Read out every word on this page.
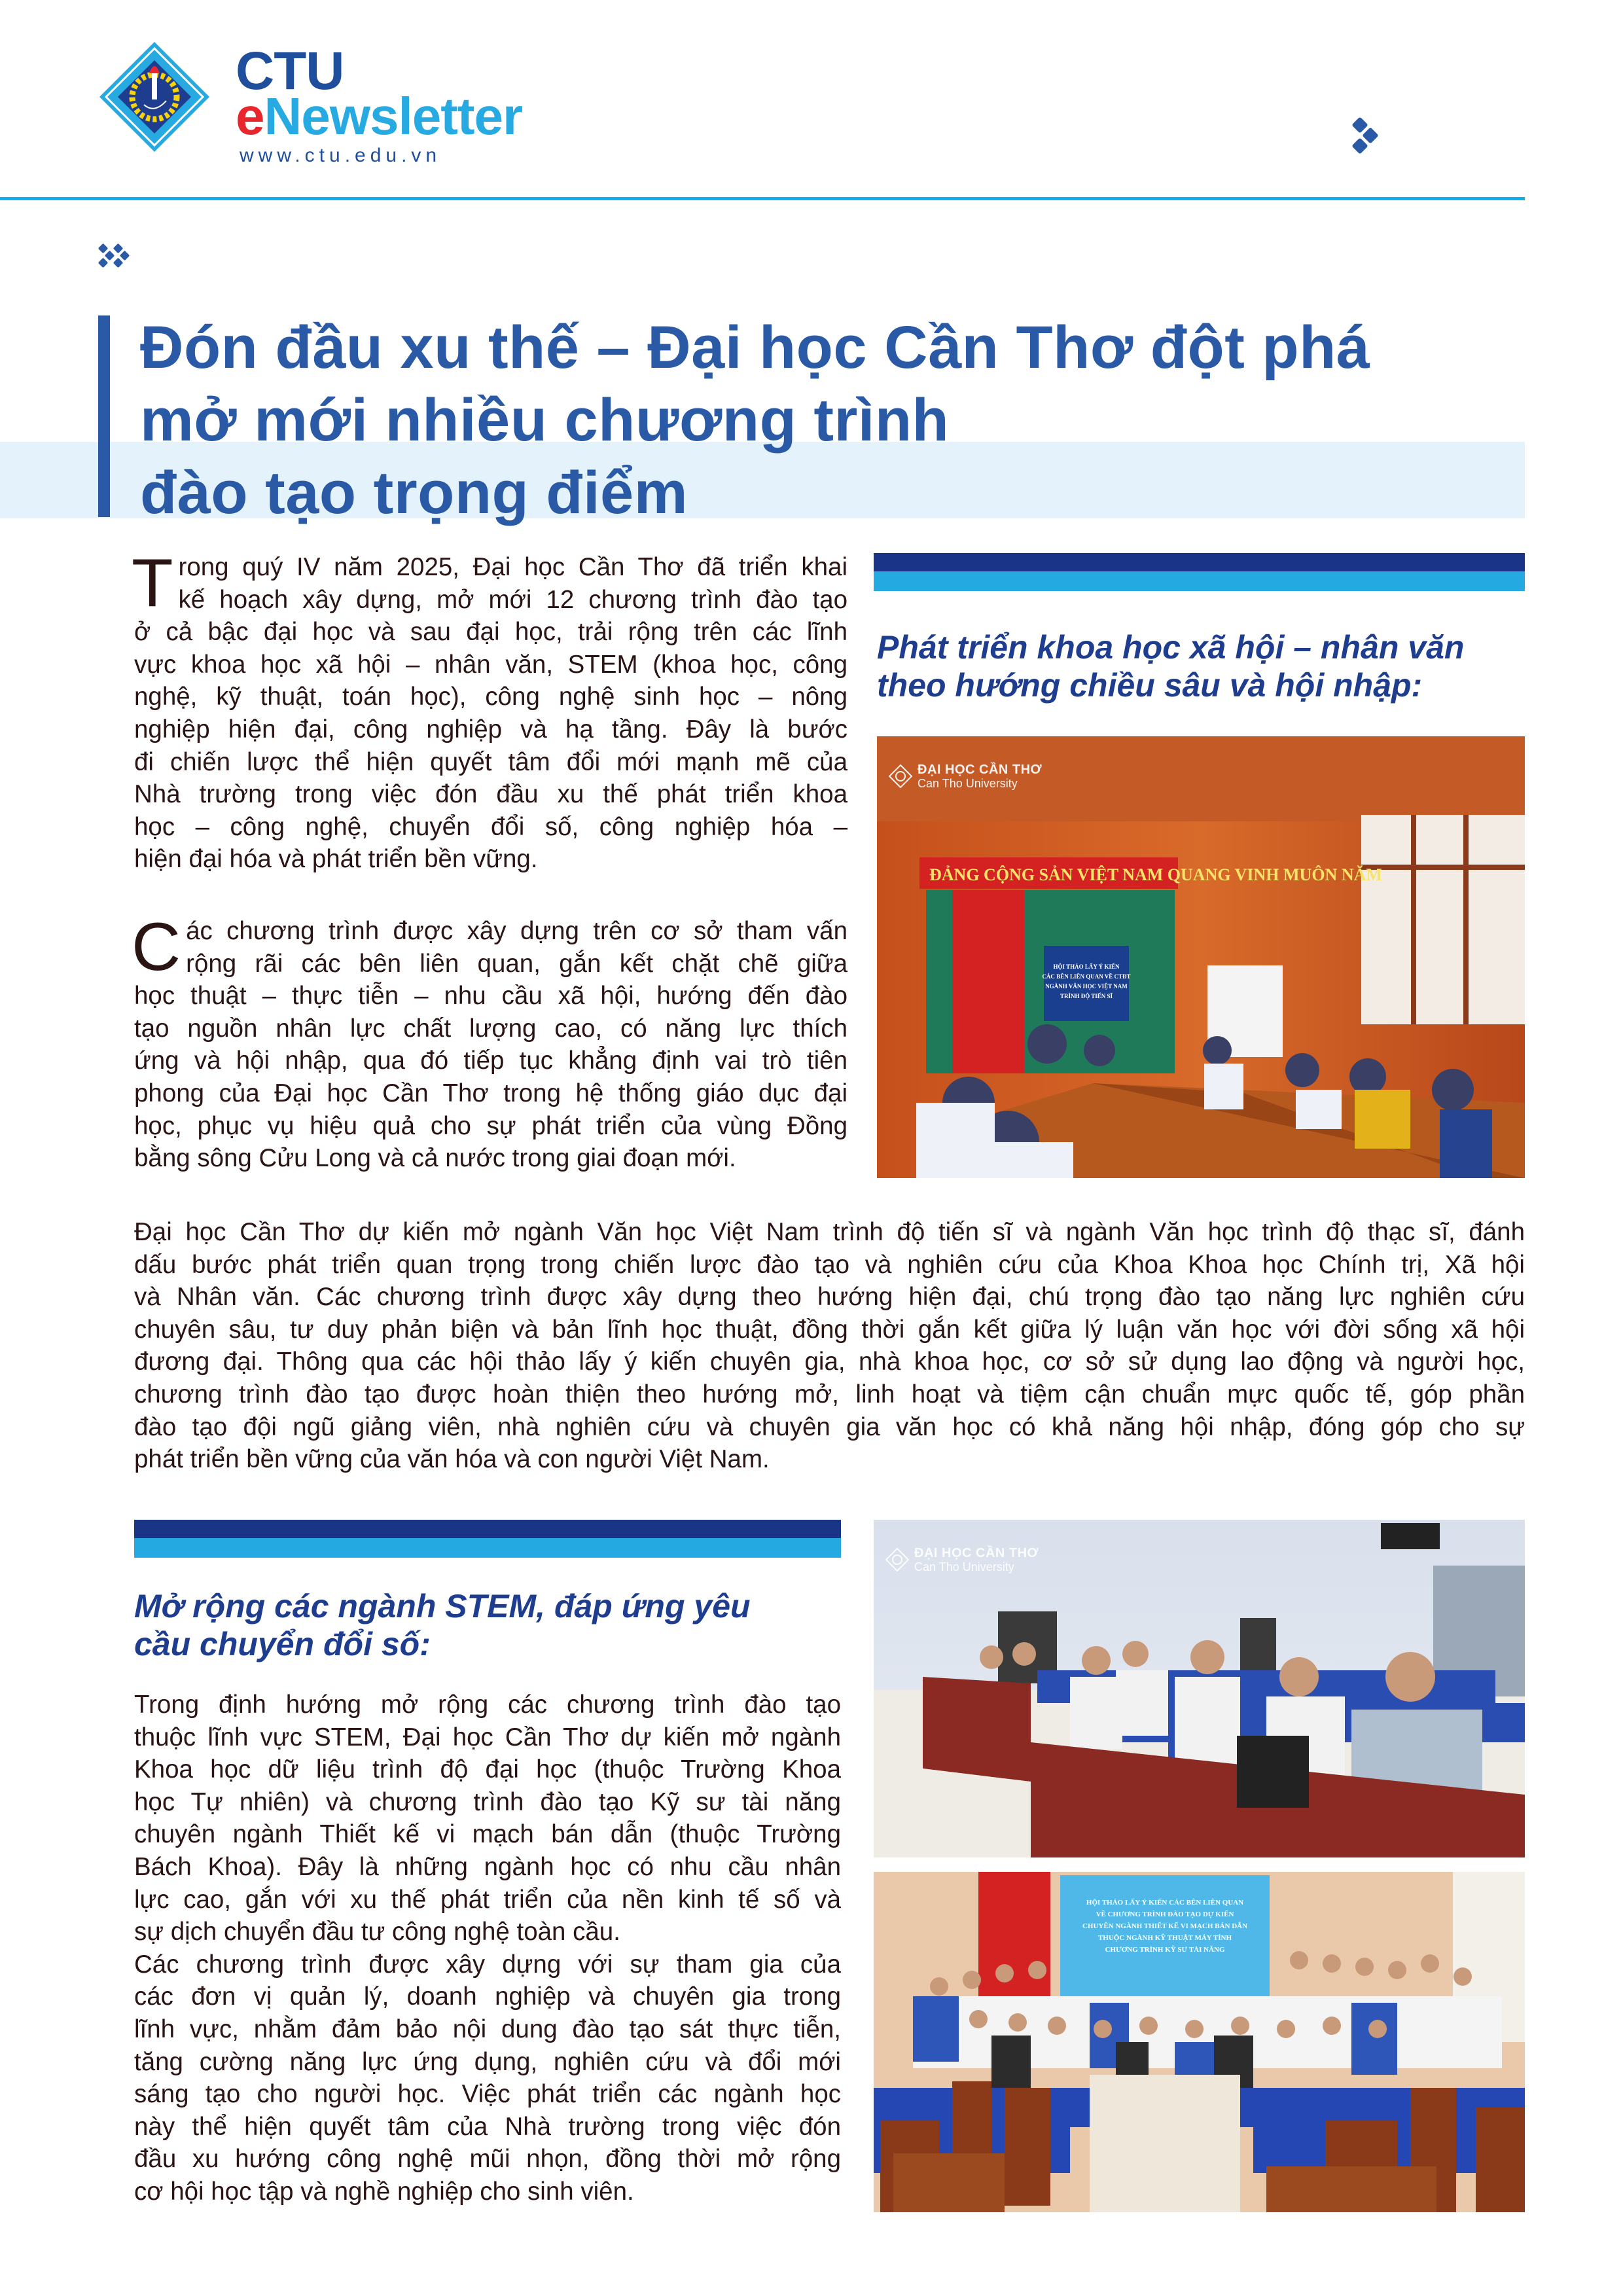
CTU
eNewsletter
www.ctu.edu.vn
Đón đầu xu thế – Đại học Cần Thơ đột phá
mở mới nhiều chương trình
đào tạo trọng điểm
T rong quý IV năm 2025, Đại học Cần Thơ đã triển khai
kế hoạch xây dựng, mở mới 12 chương trình đào tạo
ở cả bậc đại học và sau đại học, trải rộng trên các lĩnh
vực khoa học xã hội – nhân văn, STEM (khoa học, công
nghệ, kỹ thuật, toán học), công nghệ sinh học – nông
nghiệp hiện đại, công nghiệp và hạ tầng. Đây là bước
đi chiến lược thể hiện quyết tâm đổi mới mạnh mẽ của
Nhà trường trong việc đón đầu xu thế phát triển khoa
học – công nghệ, chuyển đổi số, công nghiệp hóa –
hiện đại hóa và phát triển bền vững.
C ác chương trình được xây dựng trên cơ sở tham vấn
rộng rãi các bên liên quan, gắn kết chặt chẽ giữa
học thuật – thực tiễn – nhu cầu xã hội, hướng đến đào
tạo nguồn nhân lực chất lượng cao, có năng lực thích
ứng và hội nhập, qua đó tiếp tục khẳng định vai trò tiên
phong của Đại học Cần Thơ trong hệ thống giáo dục đại
học, phục vụ hiệu quả cho sự phát triển của vùng Đồng
bằng sông Cửu Long và cả nước trong giai đoạn mới.
Phát triển khoa học xã hội – nhân văn
theo hướng chiều sâu và hội nhập:
ĐẢNG CỘNG SẢN VIỆT NAM QUANG VINH MUÔN NĂM
HỘI THẢO LẤY Ý KIẾN
CÁC BÊN LIÊN QUAN VỀ CTĐT
NGÀNH VĂN HỌC VIỆT NAM
TRÌNH ĐỘ TIẾN SĨ
ĐẠI HỌC CẦN THƠ
Can Tho University
Đại học Cần Thơ dự kiến mở ngành Văn học Việt Nam trình độ tiến sĩ và ngành Văn học trình độ thạc sĩ, đánh
dấu bước phát triển quan trọng trong chiến lược đào tạo và nghiên cứu của Khoa Khoa học Chính trị, Xã hội
và Nhân văn. Các chương trình được xây dựng theo hướng hiện đại, chú trọng đào tạo năng lực nghiên cứu
chuyên sâu, tư duy phản biện và bản lĩnh học thuật, đồng thời gắn kết giữa lý luận văn học với đời sống xã hội
đương đại. Thông qua các hội thảo lấy ý kiến chuyên gia, nhà khoa học, cơ sở sử dụng lao động và người học,
chương trình đào tạo được hoàn thiện theo hướng mở, linh hoạt và tiệm cận chuẩn mực quốc tế, góp phần
đào tạo đội ngũ giảng viên, nhà nghiên cứu và chuyên gia văn học có khả năng hội nhập, đóng góp cho sự
phát triển bền vững của văn hóa và con người Việt Nam.
Mở rộng các ngành STEM, đáp ứng yêu
cầu chuyển đổi số:
Trong định hướng mở rộng các chương trình đào tạo
thuộc lĩnh vực STEM, Đại học Cần Thơ dự kiến mở ngành
Khoa học dữ liệu trình độ đại học (thuộc Trường Khoa
học Tự nhiên) và chương trình đào tạo Kỹ sư tài năng
chuyên ngành Thiết kế vi mạch bán dẫn (thuộc Trường
Bách Khoa). Đây là những ngành học có nhu cầu nhân
lực cao, gắn với xu thế phát triển của nền kinh tế số và
sự dịch chuyển đầu tư công nghệ toàn cầu.
Các chương trình được xây dựng với sự tham gia của
các đơn vị quản lý, doanh nghiệp và chuyên gia trong
lĩnh vực, nhằm đảm bảo nội dung đào tạo sát thực tiễn,
tăng cường năng lực ứng dụng, nghiên cứu và đổi mới
sáng tạo cho người học. Việc phát triển các ngành học
này thể hiện quyết tâm của Nhà trường trong việc đón
đầu xu hướng công nghệ mũi nhọn, đồng thời mở rộng
cơ hội học tập và nghề nghiệp cho sinh viên.
ĐẠI HỌC CẦN THƠ
Can Tho University
HỘI THẢO LẤY Ý KIẾN CÁC BÊN LIÊN QUAN
VỀ CHƯƠNG TRÌNH ĐÀO TẠO DỰ KIẾN
CHUYÊN NGÀNH THIẾT KẾ VI MẠCH BÁN DẪN
THUỘC NGÀNH KỸ THUẬT MÁY TÍNH
CHƯƠNG TRÌNH KỸ SƯ TÀI NĂNG
